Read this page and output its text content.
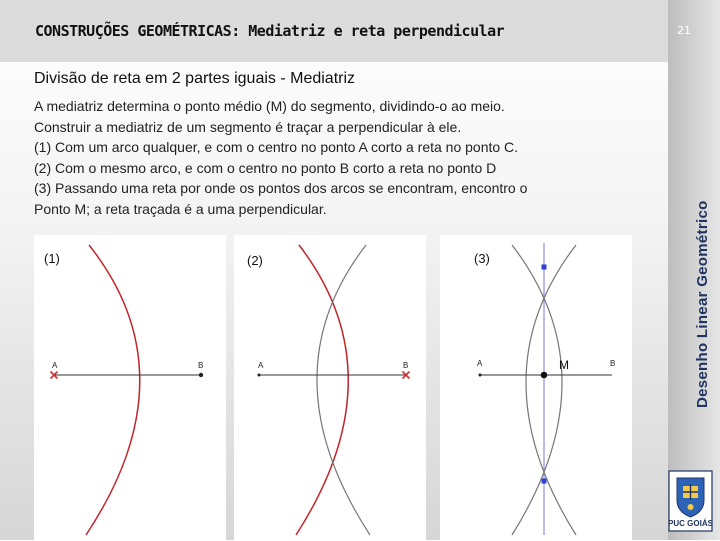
CONSTRUÇÕES GEOMÉTRICAS: Mediatriz e reta perpendicular	21
Desenho Linear Geométrico
PUC GOIÁS
Divisão de reta em 2 partes iguais - Mediatriz
A mediatriz determina o ponto médio (M) do segmento, dividindo-o ao meio.
Construir a mediatriz de um segmento é traçar a perpendicular à ele.
(1) Com um arco qualquer, e com o centro no ponto A corto a reta no ponto C.
(2) Com o mesmo arco, e com o centro no ponto B corto a reta no ponto D
(3) Passando uma reta por onde os pontos dos arcos se encontram, encontro o
Ponto M; a reta traçada é a uma perpendicular.
(1)
A	B
(2)
A	B
(3)
A	B
M
